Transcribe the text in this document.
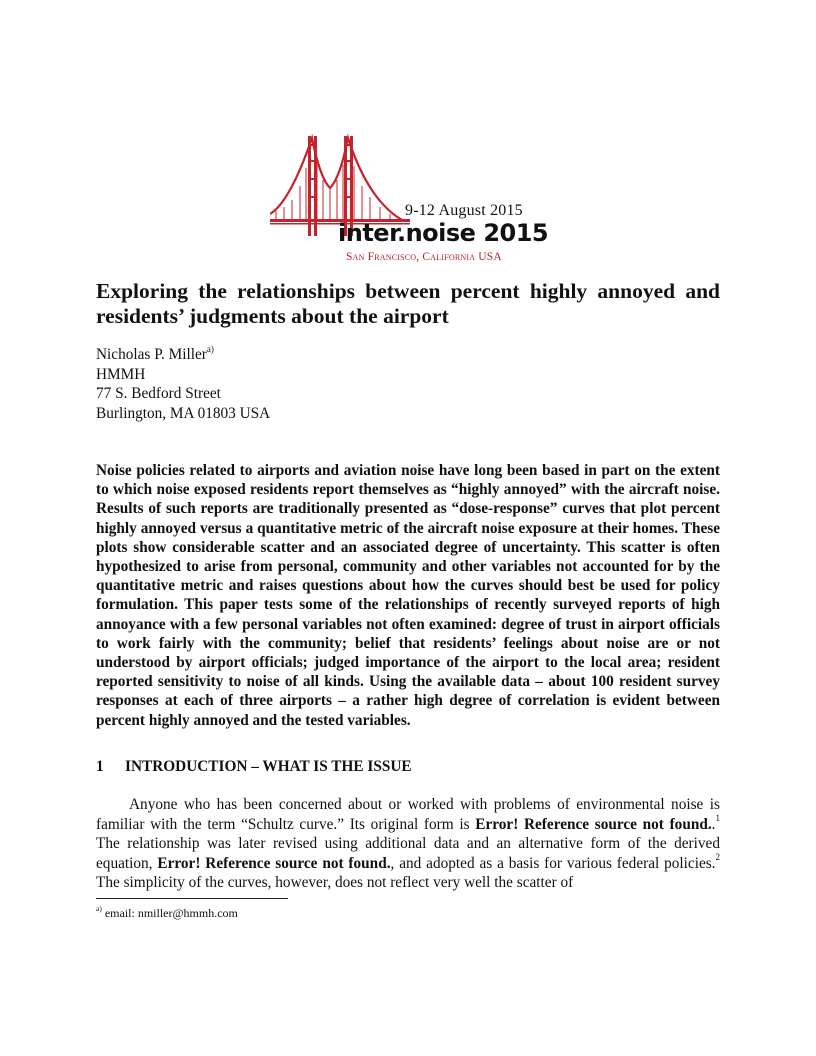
9-12 August 2015
inter.noise 2015
San Francisco, California USA
Exploring the relationships between percent highly annoyed and residents’ judgments about the airport
Nicholas P. Miller$^{a)}$
HMMH
77 S. Bedford Street
Burlington, MA 01803 USA

Noise policies related to airports and aviation noise have long been based in part on the extent to which noise exposed residents report themselves as “highly annoyed” with the aircraft noise. Results of such reports are traditionally presented as “dose-response” curves that plot percent highly annoyed versus a quantitative metric of the aircraft noise exposure at their homes. These plots show considerable scatter and an associated degree of uncertainty. This scatter is often hypothesized to arise from personal, community and other variables not accounted for by the quantitative metric and raises questions about how the curves should best be used for policy formulation. This paper tests some of the relationships of recently surveyed reports of high annoyance with a few personal variables not often examined: degree of trust in airport officials to work fairly with the community; belief that residents’ feelings about noise are or not understood by airport officials; judged importance of the airport to the local area; resident reported sensitivity to noise of all kinds. Using the available data – about 100 resident survey responses at each of three airports – a rather high degree of correlation is evident between percent highly annoyed and the tested variables.

1 INTRODUCTION – WHAT IS THE ISSUE

Anyone who has been concerned about or worked with problems of environmental noise is familiar with the term “Schultz curve.” Its original form is Error! Reference source not found..$^1$ The relationship was later revised using additional data and an alternative form of the derived equation, Error! Reference source not found., and adopted as a basis for various federal policies.$^2$ The simplicity of the curves, however, does not reflect very well the scatter of

$^{a)}$ email: nmiller@hmmh.com
